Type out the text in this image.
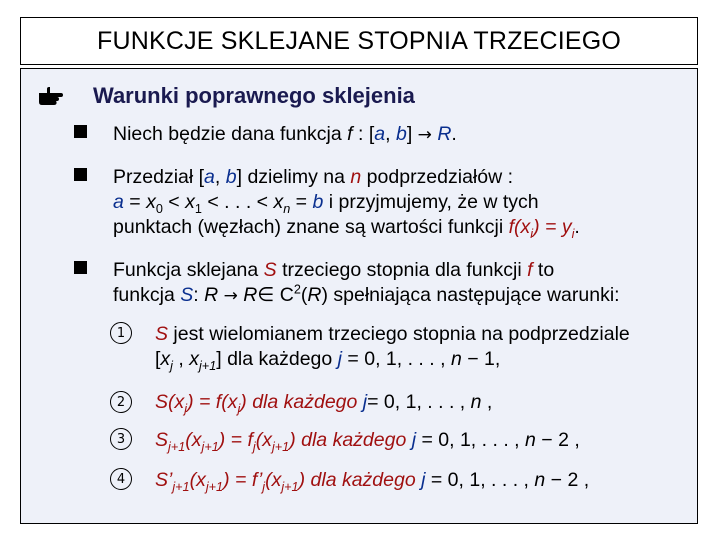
FUNKCJE SKLEJANE STOPNIA TRZECIEGO
Warunki poprawnego sklejenia
Niech będzie dana funkcja f : [a, b] → R.
Przedział [a, b] dzielimy na n podprzedziałów :
$a = x_0 < x_1$ < . . . < $x_n = b$ i przyjmujemy, że w tych
punktach (węzłach) znane są wartości funkcji $f(x_i) = y_i$.
Funkcja sklejana S trzeciego stopnia dla funkcji f to
funkcja S: R → R∈ $C^2(R)$ spełniająca następujące warunki:
1	S jest wielomianem trzeciego stopnia na podprzedziale
[$x_j$ , $x_{j+1}$] dla każdego j = 0, 1, . . . , n − 1,
2	$S(x_j) = f(x_j)$ dla każdego j= 0, 1, . . . , n ,
3	$S_{j+1}(x_{j+1}) = f_j(x_{j+1})$ dla każdego j = 0, 1, . . . , n − 2 ,
4	$S’_{j+1}(x_{j+1})$ = $f’_j(x_{j+1})$ dla każdego j = 0, 1, . . . , n − 2 ,
